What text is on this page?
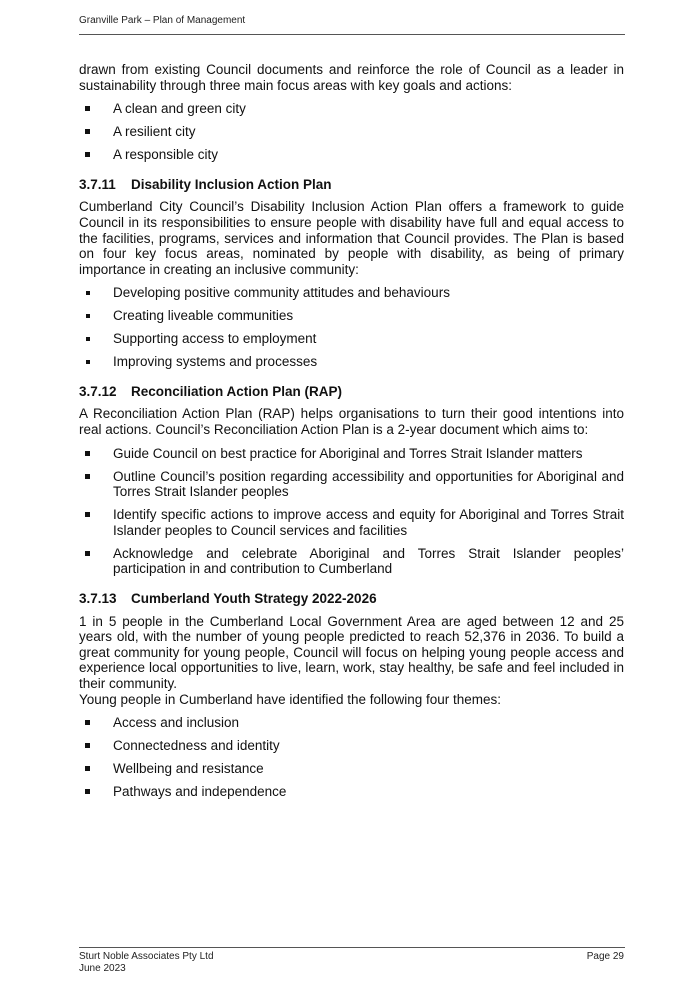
Granville Park – Plan of Management

drawn from existing Council documents and reinforce the role of Council as a leader in sustainability through three main focus areas with key goals and actions:

A clean and green city
A resilient city
A responsible city
3.7.11 Disability Inclusion Action Plan

Cumberland City Council’s Disability Inclusion Action Plan offers a framework to guide Council in its responsibilities to ensure people with disability have full and equal access to the facilities, programs, services and information that Council provides. The Plan is based on four key focus areas, nominated by people with disability, as being of primary importance in creating an inclusive community:

Developing positive community attitudes and behaviours
Creating liveable communities
Supporting access to employment
Improving systems and processes
3.7.12 Reconciliation Action Plan (RAP)

A Reconciliation Action Plan (RAP) helps organisations to turn their good intentions into real actions. Council’s Reconciliation Action Plan is a 2-year document which aims to:

Guide Council on best practice for Aboriginal and Torres Strait Islander matters
Outline Council’s position regarding accessibility and opportunities for Aboriginal and Torres Strait Islander peoples
Identify specific actions to improve access and equity for Aboriginal and Torres Strait Islander peoples to Council services and facilities
Acknowledge and celebrate Aboriginal and Torres Strait Islander peoples’ participation in and contribution to Cumberland
3.7.13 Cumberland Youth Strategy 2022-2026

1 in 5 people in the Cumberland Local Government Area are aged between 12 and 25 years old, with the number of young people predicted to reach 52,376 in 2036. To build a great community for young people, Council will focus on helping young people access and experience local opportunities to live, learn, work, stay healthy, be safe and feel included in their community.

Young people in Cumberland have identified the following four themes:

Access and inclusion
Connectedness and identity
Wellbeing and resistance
Pathways and independence
Sturt Noble Associates Pty Ltd
June 2023
Page 29
